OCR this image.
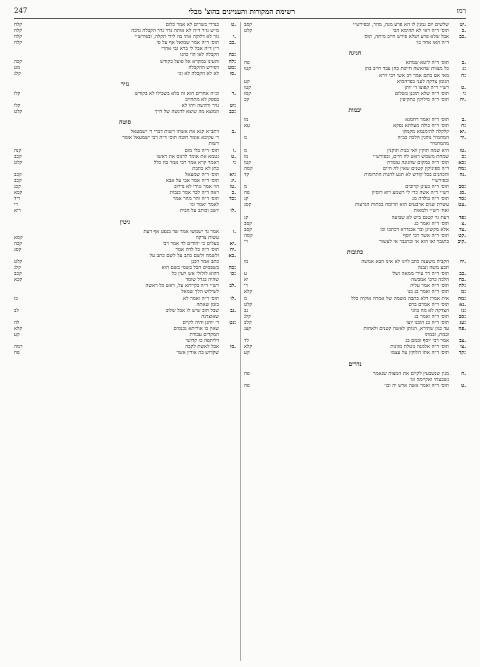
247	רשימת המקורות והעניינים בהוצ' מבלי	רמז
יט.
שלשים יום נמנין לו הא פרע מנה, מהר, ובפירש״י
קסב
כ.
תוס׳ ד״ה ראי לא תהימא הכי
קלט
כב.
אבל שלא פרע ושלא פירש חייב מיתה, תוס׳
ד״ה האו אחר כו׳
חגיגה
ב.
תוס׳ ד״ה ליטא שמתא
פח
ג:
כל מצוות שהאשה חייבת בהן עבד חייב בהן
קטו
ה:
מאי אם בתם אמר רב אשי רבי זירא
הגומן צדקה לעני בפרהסיא
קע
ט.
רש״י ד״ה קפוצו ד׳ יותן
קטו
י:
תוס׳ ד״ה שלא תוכנן בשלום
קסז
יח.
תוס׳ ד״ה סילוקין כתקיפין
קכ
יבמות
ב.
תוס׳ ד״ה ואמר רחמנא
מו
ח:
תוס׳ ד״ה כולה מעלתא נפקא
עא
יא.
קלקלה להימנמא מקמקו
יד.
המחמיר נוהגין הלכה כב״ה
מ
מהמחמיר
טז.
היא שמה תוקין וואי בנות תוקנין
מ
כ:
שמחת משמש ראש לה חיים, ובפירש״י
מו
כא:
תוס׳ ד״ה במקום שהגונה עומדת
קטו
מח:
ד״ה ספיניקין קטנים שאין לה חיים
קסה
נח.
והכהנים בכל קודש לא תגע להגות התרומות
קד
ובפירש״י
סב:
תוס׳ ד״ה בעינן קרובים
מ
סג.
רש״י ד״ה אשה כרי לי רשמע רוא רוסיון
פח
סד:
תוס׳ ד״ה בולדה מנ
קג
עט.
עשרת שנים ארבעים הוא תרומה בכתות הגרעות
קסג
ואח׳ רש״י ולמאות
פד:
דעת גר קטנם ביש לא שבועה
קנ
צ.
תוס׳ ד״ה ואמר כנ
קסב
צד.
אלא מקשינן ובר אבנדרא דכתבו זכו
קסב
קט.
תוס׳ ד״ה אשר רבי יוסף
קסה
קיב.
בתגבר ואו הוא אי ובתגבר אי לעשור
רי
כתובות
יח.
הקביה משענה כתב לוינו לא אינו הבא אמשה
מו
תבע משה ונבנה
כב.
תוס׳ ד״ה דר עירי ממאה ושל׳
ע
כח.
הלכה כרבי אמבשה
יא
לה:
תוס׳ ד״ה אמר עליה
רי
מ:
תוס׳ ד״ה ואמר בנ בנו
קלא
מה:
אית אמרו דלא כתבה משמה של אמרה אוקיה כלל
מ
נא.
תוס׳ ד״ה אמרם ברם
קלט
נז:
הצדקה לא מה בוזני
נב
סב:
תוס׳ ד״ה ואמר בנ
קלג
עג:
תוס׳ ד״ה בנ הובנו יוצו
קלב
פה.
עד כגון שתירא, הנותן לאשה קטנים ולאחות
קצג
ובמת, ובמתו
צב.
אמר רבי יוסף ובמם בנ
לד
צו.
תוס׳ ד״ה אלמנה נוטלת מזונות
קלא
קד:
תוס׳ ד״ה אתו הלוקין על עצמו
קע
נדרים
ח.
מנין שנשבעין לקיים את המצוה שנאמר
פח
נשבעתי ואקיימה וגו׳
ט.
תוס׳ ד״ה ואמר אשה ארש יה וכו׳
פח
ט.
כנדרי כשרים לא אמר כלום
קלח
מ״ש נזיר ד״ה לא אותה נדר נדר הקבלה נדבה
קלח
י.
נזר לא דלוקה אתי בה לידי תקלה, ובפירש״י
קלח
כב.
תוס׳ ד״ה אמר שמואל אף על פי
קלח
ר״ן ד״ה אבל לי ברא גבי אהרי
כה:
הקבלה לאו הוי כהנו
לה:
והעינו במקרא אל פועל בקודש
קכה
מט:
דפירש ההקבלה
מט
סז.
לא לא הקבלה לא וגו׳
קלג
נזיר
ד.
וכ״ה אחרים הוא זה בלא בשבילו לא בקודש
קלו
בספק לא מתחייב
יט:
נזיר ורהשה ויהו לא
קלו
כב:
המוצא מה שיצא לדנשה של דרך
קלט
סוטה
ב.
דתב״א קנא את אשתו רשות דברי ר׳ ישמעאל
ר׳ עקיבא אומר חובה תוס׳ ד״ה רבי ישמעאל אומר
רשות
ז.
תוס׳ ד״ה בלי מום
קנה
ט.
נטמא את אומר לרנוס את ראשו
קכב
י:
ראמר קרא אמר רבי אמר בה כלל
קלט
כתן לא כתבת
יא:
תוס׳ ד״ה שמעאל
קכב
יג.
תוס׳ ד״ה אמר אבי על אבא
קכב
טו.
הוי אמר נגידי לא נדרוב
קכג
כ.
ראה ד״ה לבר אמר כנבות
קכא
כד:
תוס׳ ד״ה והר מהר אמר
ריד
לאמר יאמר וגו׳
רי
לו.
יושב וכותב על הבית
ריא
גיטין
ז.
אמר נד ישמשו אמר שד בנפט אף דעת
עשות צדקה
קסא
יא.
בעלים כי יהודים לד אמר רבי
קכה
יח.
תוס׳ ד״ה כל לדה אמר
קסג
כא.
ולשמה ולשם כתב על לשם כתב על
כתב אמר רבנן
קלט
כה:
בשפסים הכל בשמי בשם הוא
קלג
כו:
דהוא לזלזלי אש ויעין כל
קכב
שהיה בגרל שומד
קכא
לב.
רש״י ד״ה בקייתא על, ראש כל ראשה
לשילוש הלך שמאל
לו.
תוס׳ ד״ה ואמר לא
כז
בזמן שאתה
נב.
שבל חוב שיש לו אבל שלוב
לב
שאוצרנה
נט:
ד׳ יוחנן והיה לקיים
לה
שאין בו אוריתא נכנסים
קלא
המקדים עבודת
קע
דליתפה כו קדושי
סו.
אבל לאשת לקבה
רמה
שקדוש בה אודין אשר
פח
